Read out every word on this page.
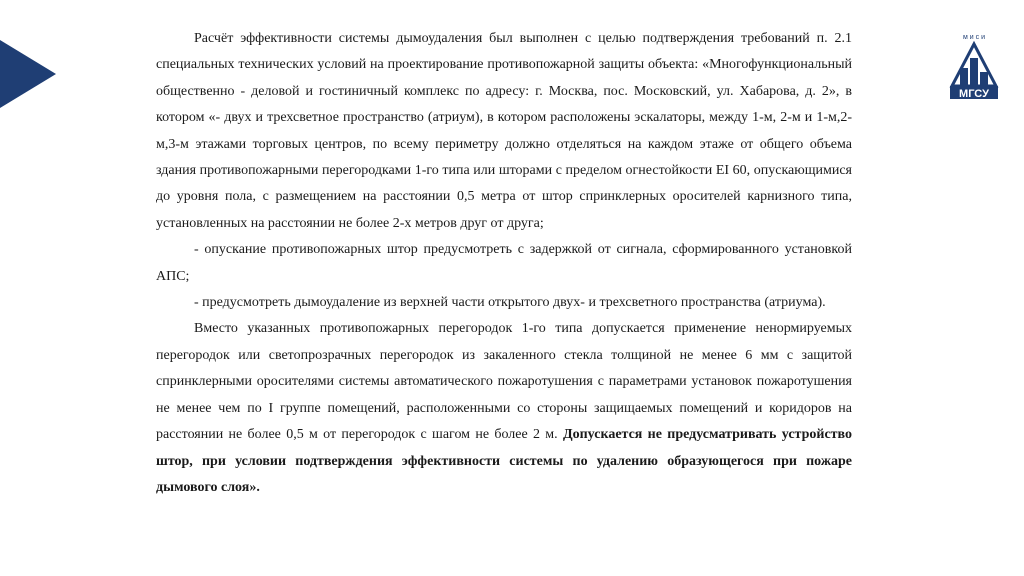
м и с и
МГСУ

Расчёт эффективности системы дымоудаления был выполнен с целью подтверждения требований п. 2.1 специальных технических условий на проектирование противопожарной защиты объекта: «Многофункциональный общественно - деловой и гостиничный комплекс по адресу: г. Москва, пос. Московский, ул. Хабарова, д. 2», в котором «- двух и трехсветное пространство (атриум), в котором расположены эскалаторы, между 1-м, 2-м и 1-м,2-м,3-м этажами торговых центров, по всему периметру должно отделяться на каждом этаже от общего объема здания противопожарными перегородками 1-го типа или шторами с пределом огнестойкости EI 60, опускающимися до уровня пола, с размещением на расстоянии 0,5 метра от штор спринклерных оросителей карнизного типа, установленных на расстоянии не более 2-х метров друг от друга;

- опускание противопожарных штор предусмотреть с задержкой от сигнала, сформированного установкой АПС;

- предусмотреть дымоудаление из верхней части открытого двух- и трехсветного пространства (атриума).

Вместо указанных противопожарных перегородок 1-го типа допускается применение ненормируемых перегородок или светопрозрачных перегородок из закаленного стекла толщиной не менее 6 мм с защитой спринклерными оросителями системы автоматического пожаротушения с параметрами установок пожаротушения не менее чем по I группе помещений, расположенными со стороны защищаемых помещений и коридоров на расстоянии не более 0,5 м от перегородок с шагом не более 2 м. Допускается не предусматривать устройство штор, при условии подтверждения эффективности системы по удалению образующегося при пожаре дымового слоя».
